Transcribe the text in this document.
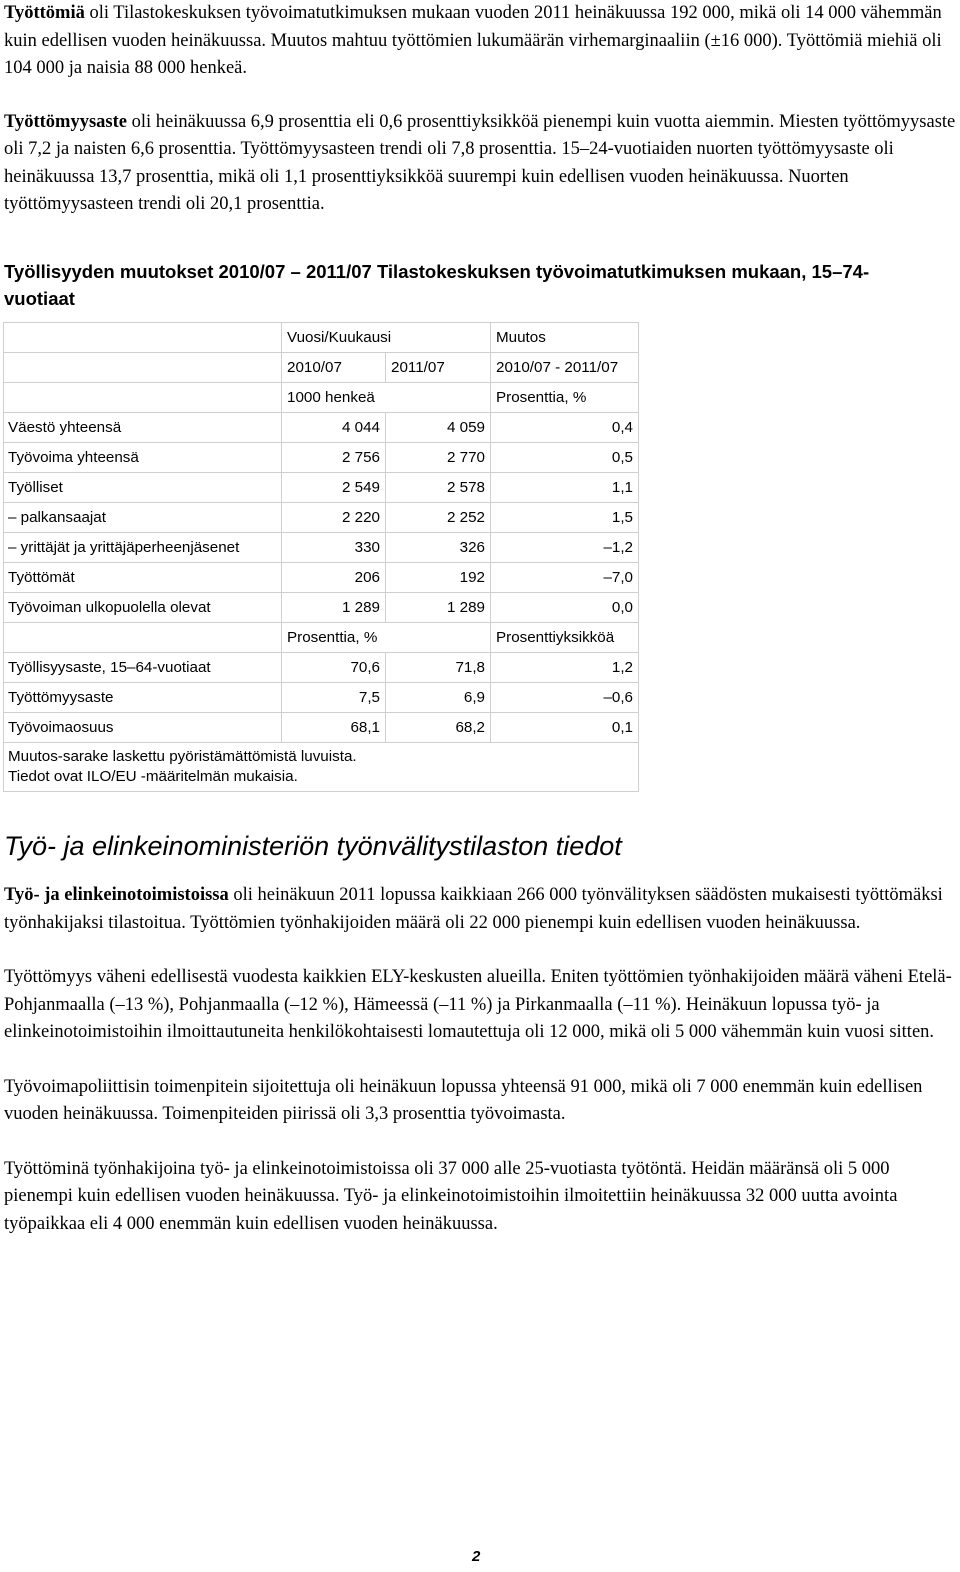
Työttömiä oli Tilastokeskuksen työvoimatutkimuksen mukaan vuoden 2011 heinäkuussa 192 000, mikä oli 14 000 vähemmän kuin edellisen vuoden heinäkuussa. Muutos mahtuu työttömien lukumäärän virhemarginaaliin (±16 000). Työttömiä miehiä oli 104 000 ja naisia 88 000 henkeä.

Työttömyysaste oli heinäkuussa 6,9 prosenttia eli 0,6 prosenttiyksikköä pienempi kuin vuotta aiemmin. Miesten työttömyysaste oli 7,2 ja naisten 6,6 prosenttia. Työttömyysasteen trendi oli 7,8 prosenttia. 15–24-vuotiaiden nuorten työttömyysaste oli heinäkuussa 13,7 prosenttia, mikä oli 1,1 prosenttiyksikköä suurempi kuin edellisen vuoden heinäkuussa. Nuorten työttömyysasteen trendi oli 20,1 prosenttia.

Työllisyyden muutokset 2010/07 – 2011/07 Tilastokeskuksen työvoimatutkimuksen mukaan, 15–74-vuotiaat
	Vuosi/Kuukausi		Muutos
	2010/07	2011/07	2010/07 - 2011/07
	1000 henkeä		Prosenttia, %
Väestö yhteensä	4 044	4 059	0,4
Työvoima yhteensä	2 756	2 770	0,5
Työlliset	2 549	2 578	1,1
– palkansaajat	2 220	2 252	1,5
– yrittäjät ja yrittäjäperheenjäsenet	330	326	–1,2
Työttömät	206	192	–7,0
Työvoiman ulkopuolella olevat	1 289	1 289	0,0
	Prosenttia, %		Prosenttiyksikköä
Työllisyysaste, 15–64-vuotiaat	70,6	71,8	1,2
Työttömyysaste	7,5	6,9	–0,6
Työvoimaosuus	68,1	68,2	0,1

Muutos-sarake laskettu pyöristämättömistä luvuista.
Tiedot ovat ILO/EU -määritelmän mukaisia.			
Työ- ja elinkeinoministeriön työnvälitystilaston tiedot

Työ- ja elinkeinotoimistoissa oli heinäkuun 2011 lopussa kaikkiaan 266 000 työnvälityksen säädösten mukaisesti työttömäksi työnhakijaksi tilastoitua. Työttömien työnhakijoiden määrä oli 22 000 pienempi kuin edellisen vuoden heinäkuussa.

Työttömyys väheni edellisestä vuodesta kaikkien ELY-keskusten alueilla. Eniten työttömien työnhakijoiden määrä väheni Etelä-Pohjanmaalla (–13 %), Pohjanmaalla (–12 %), Hämeessä (–11 %) ja Pirkanmaalla (–11 %). Heinäkuun lopussa työ- ja elinkeinotoimistoihin ilmoittautuneita henkilökohtaisesti lomautettuja oli 12 000, mikä oli 5 000 vähemmän kuin vuosi sitten.

Työvoimapoliittisin toimenpitein sijoitettuja oli heinäkuun lopussa yhteensä 91 000, mikä oli 7 000 enemmän kuin edellisen vuoden heinäkuussa. Toimenpiteiden piirissä oli 3,3 prosenttia työvoimasta.

Työttöminä työnhakijoina työ- ja elinkeinotoimistoissa oli 37 000 alle 25-vuotiasta työtöntä. Heidän määränsä oli 5 000 pienempi kuin edellisen vuoden heinäkuussa. Työ- ja elinkeinotoimistoihin ilmoitettiin heinäkuussa 32 000 uutta avointa työpaikkaa eli 4 000 enemmän kuin edellisen vuoden heinäkuussa.

2
